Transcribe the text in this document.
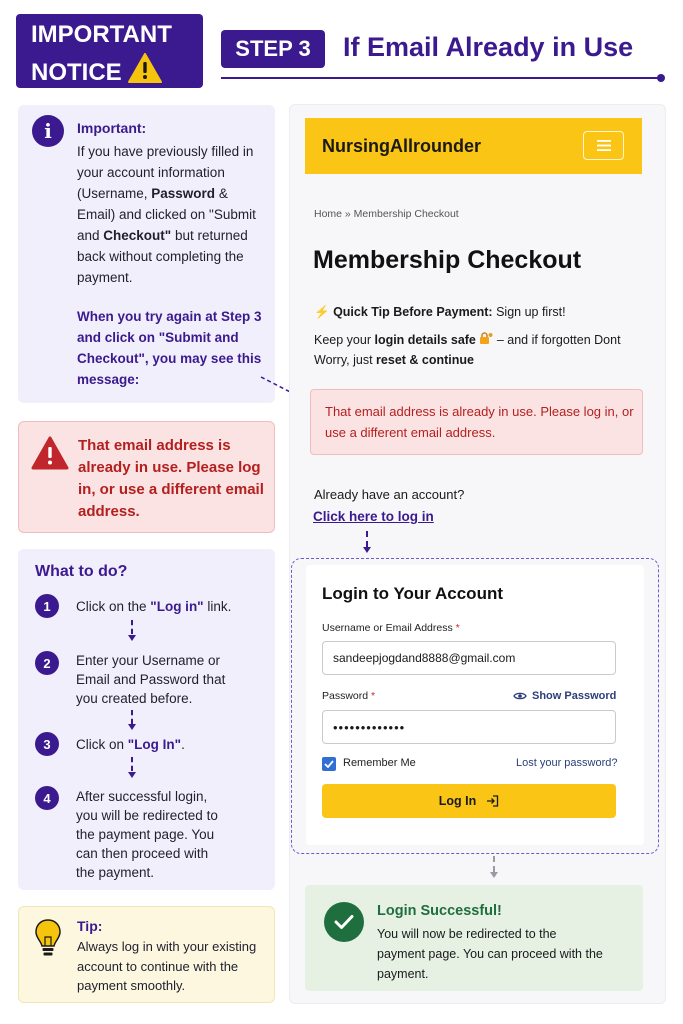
IMPORTANT
NOTICE
STEP 3	If Email Already in Use
i	Important:
If you have previously filled in your account information (Username, Password & Email) and clicked on "Submit and Checkout" but returned back without completing the payment.
When you try again at Step 3 and click on "Submit and Checkout", you may see this message:
That email address is already in use. Please log in, or use a different email address.
What to do?
1	Click on the "Log in" link.
2	Enter your Username or Email and Password that you created before.
3	Click on "Log In".
4	After successful login, you will be redirected to the payment page. You can then proceed with the payment.
Tip:
Always log in with your existing account to continue with the payment smoothly.
NursingAllrounder
Home » Membership Checkout
Membership Checkout
⚡ Quick Tip Before Payment: Sign up first!
Keep your login details safe  – and if forgotten Dont Worry, just reset & continue
That email address is already in use. Please log in, or use a different email address.
Already have an account?
Click here to log in
Login to Your Account
Username or Email Address *
sandeepjogdand8888@gmail.com
Password *	Show Password
•••••••••••••
Remember Me	Lost your password?
Log In
Login Successful!
You will now be redirected to the payment page. You can proceed with the payment.
